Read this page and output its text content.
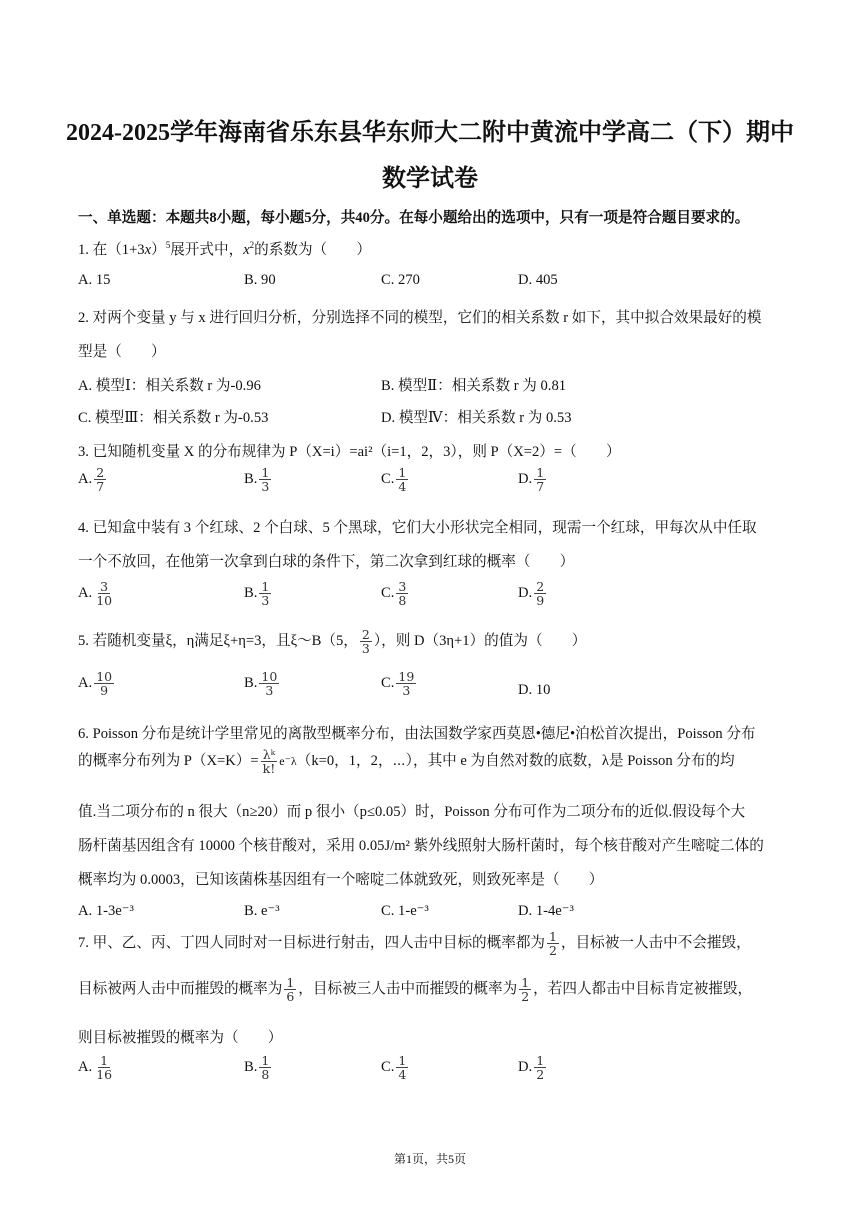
2024-2025学年海南省乐东县华东师大二附中黄流中学高二（下）期中
数学试卷
一、单选题：本题共8小题，每小题5分，共40分。在每小题给出的选项中，只有一项是符合题目要求的。
1. 在$(1+3x)^5$展开式中，$x^2$的系数为（　　）
A. 15	B. 90	C. 270	D. 405
2. 对两个变量 y 与 x 进行回归分析，分别选择不同的模型，它们的相关系数 r 如下，其中拟合效果最好的模
型是（　　）
A. 模型Ⅰ：相关系数 r 为-0.96	B. 模型Ⅱ：相关系数 r 为 0.81
C. 模型Ⅲ：相关系数 r 为-0.53	D. 模型Ⅳ：相关系数 r 为 0.53
3. 已知随机变量 X 的分布规律为 P（X=i）=ai²（i=1，2，3），则 P（X=2）=（　　）
A. $\frac{2}{7}$	B. $\frac{1}{3}$	C. $\frac{1}{4}$	D. $\frac{1}{7}$
4. 已知盒中装有 3 个红球、2 个白球、5 个黑球，它们大小形状完全相同，现需一个红球，甲每次从中任取
一个不放回，在他第一次拿到白球的条件下，第二次拿到红球的概率（　　）
A. $\frac{3}{10}$	B. $\frac{1}{3}$	C. $\frac{3}{8}$	D. $\frac{2}{9}$
5. 若随机变量ξ，η满足ξ+η=3，且ξ～B（5， $\frac{2}{3}$ ），则 D（3η+1）的值为（　　）
A. $\frac{10}{9}$	B. $\frac{10}{3}$	C. $\frac{19}{3}$	D. 10
6. Poisson 分布是统计学里常见的离散型概率分布，由法国数学家西莫恩•德尼•泊松首次提出，Poisson 分布
的概率分布列为 $P(X=K)= \frac{\text{λᵏ}}{k!} e^-\lambda(k=0$，1，2，⋯），其中 e 为自然对数的底数，λ是 Poisson 分布的均
值.当二项分布的 n 很大（n≥20）而 p 很小（p≤0.05）时，Poisson 分布可作为二项分布的近似.假设每个大
肠杆菌基因组含有 10000 个核苷酸对，采用 0.05J/m² 紫外线照射大肠杆菌时，每个核苷酸对产生嘧啶二体的
概率均为 0.0003，已知该菌株基因组有一个嘧啶二体就致死，则致死率是（　　）
A. 1-3e⁻³	B. e⁻³	C. 1-e⁻³	D. 1-4e⁻³
7. 甲、乙、丙、丁四人同时对一目标进行射击，四人击中目标的概率都为 $\frac{1}{2}$ ，目标被一人击中不会摧毁，
目标被两人击中而摧毁的概率为 $\frac{1}{6}$ ，目标被三人击中而摧毁的概率为 $\frac{1}{2}$ ，若四人都击中目标肯定被摧毁，
则目标被摧毁的概率为（　　）
A. $\frac{1}{16}$	B. $\frac{1}{8}$	C. $\frac{1}{4}$	D. $\frac{1}{2}$
第1页，共5页
